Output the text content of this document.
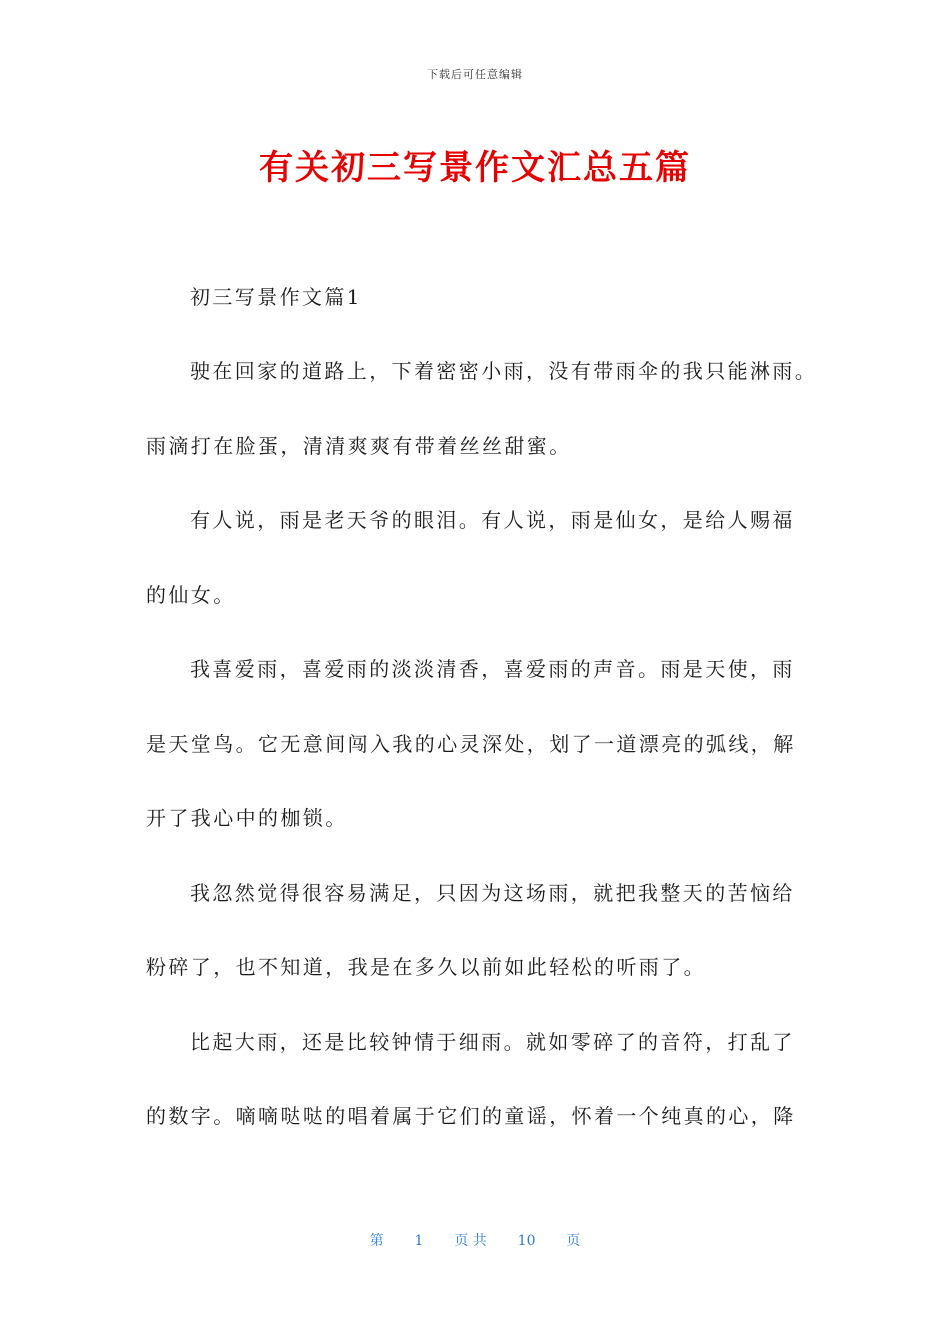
下载后可任意编辑
有关初三写景作文汇总五篇
初三写景作文篇1
驶在回家的道路上，下着密密小雨，没有带雨伞的我只能淋雨。
雨滴打在脸蛋，清清爽爽有带着丝丝甜蜜。
有人说，雨是老天爷的眼泪。有人说，雨是仙女，是给人赐福
的仙女。
我喜爱雨，喜爱雨的淡淡清香，喜爱雨的声音。雨是天使，雨
是天堂鸟。它无意间闯入我的心灵深处，划了一道漂亮的弧线，解
开了我心中的枷锁。
我忽然觉得很容易满足，只因为这场雨，就把我整天的苦恼给
粉碎了，也不知道，我是在多久以前如此轻松的听雨了。
比起大雨，还是比较钟情于细雨。就如零碎了的音符，打乱了
的数字。嘀嘀哒哒的唱着属于它们的童谣，怀着一个纯真的心，降
第 1 页 共 10 页
